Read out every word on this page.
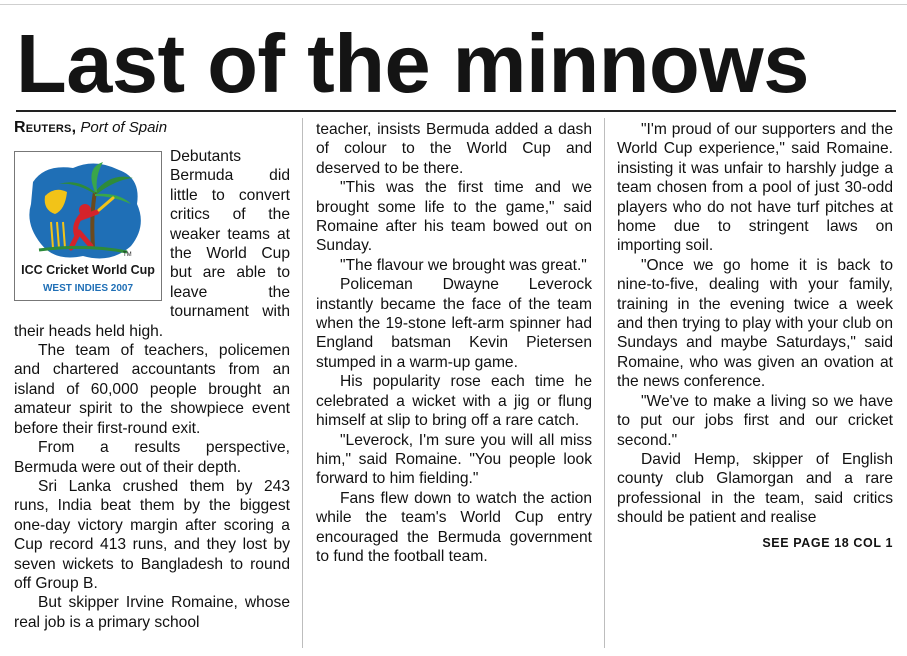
Last of the minnows
Reuters, Port of Spain
TM
ICC Cricket World Cup
WEST INDIES 2007

Debutants Bermuda did little to convert critics of the weaker teams at the World Cup but are able to leave the tournament with their heads held high.

The team of teachers, policemen and chartered accountants from an island of 60,000 people brought an amateur spirit to the showpiece event before their first-round exit.

From a results perspective, Bermuda were out of their depth.

Sri Lanka crushed them by 243 runs, India beat them by the biggest one-day victory margin after scoring a Cup record 413 runs, and they lost by seven wickets to Bangladesh to round off Group B.

But skipper Irvine Romaine, whose real job is a primary school

teacher, insists Bermuda added a dash of colour to the World Cup and deserved to be there.

"This was the first time and we brought some life to the game," said Romaine after his team bowed out on Sunday.

"The flavour we brought was great."

Policeman Dwayne Leverock instantly became the face of the team when the 19-stone left-arm spinner had England batsman Kevin Pietersen stumped in a warm-up game.

His popularity rose each time he celebrated a wicket with a jig or flung himself at slip to bring off a rare catch.

"Leverock, I'm sure you will all miss him," said Romaine. "You people look forward to him fielding."

Fans flew down to watch the action while the team's World Cup entry encouraged the Bermuda government to fund the football team.

"I'm proud of our supporters and the World Cup experience," said Romaine. insisting it was unfair to harshly judge a team chosen from a pool of just 30-odd players who do not have turf pitches at home due to stringent laws on importing soil.

"Once we go home it is back to nine-to-five, dealing with your family, training in the evening twice a week and then trying to play with your club on Sundays and maybe Saturdays," said Romaine, who was given an ovation at the news conference.

"We've to make a living so we have to put our jobs first and our cricket second."

David Hemp, skipper of English county club Glamorgan and a rare professional in the team, said critics should be patient and realise

SEE PAGE 18 COL 1
